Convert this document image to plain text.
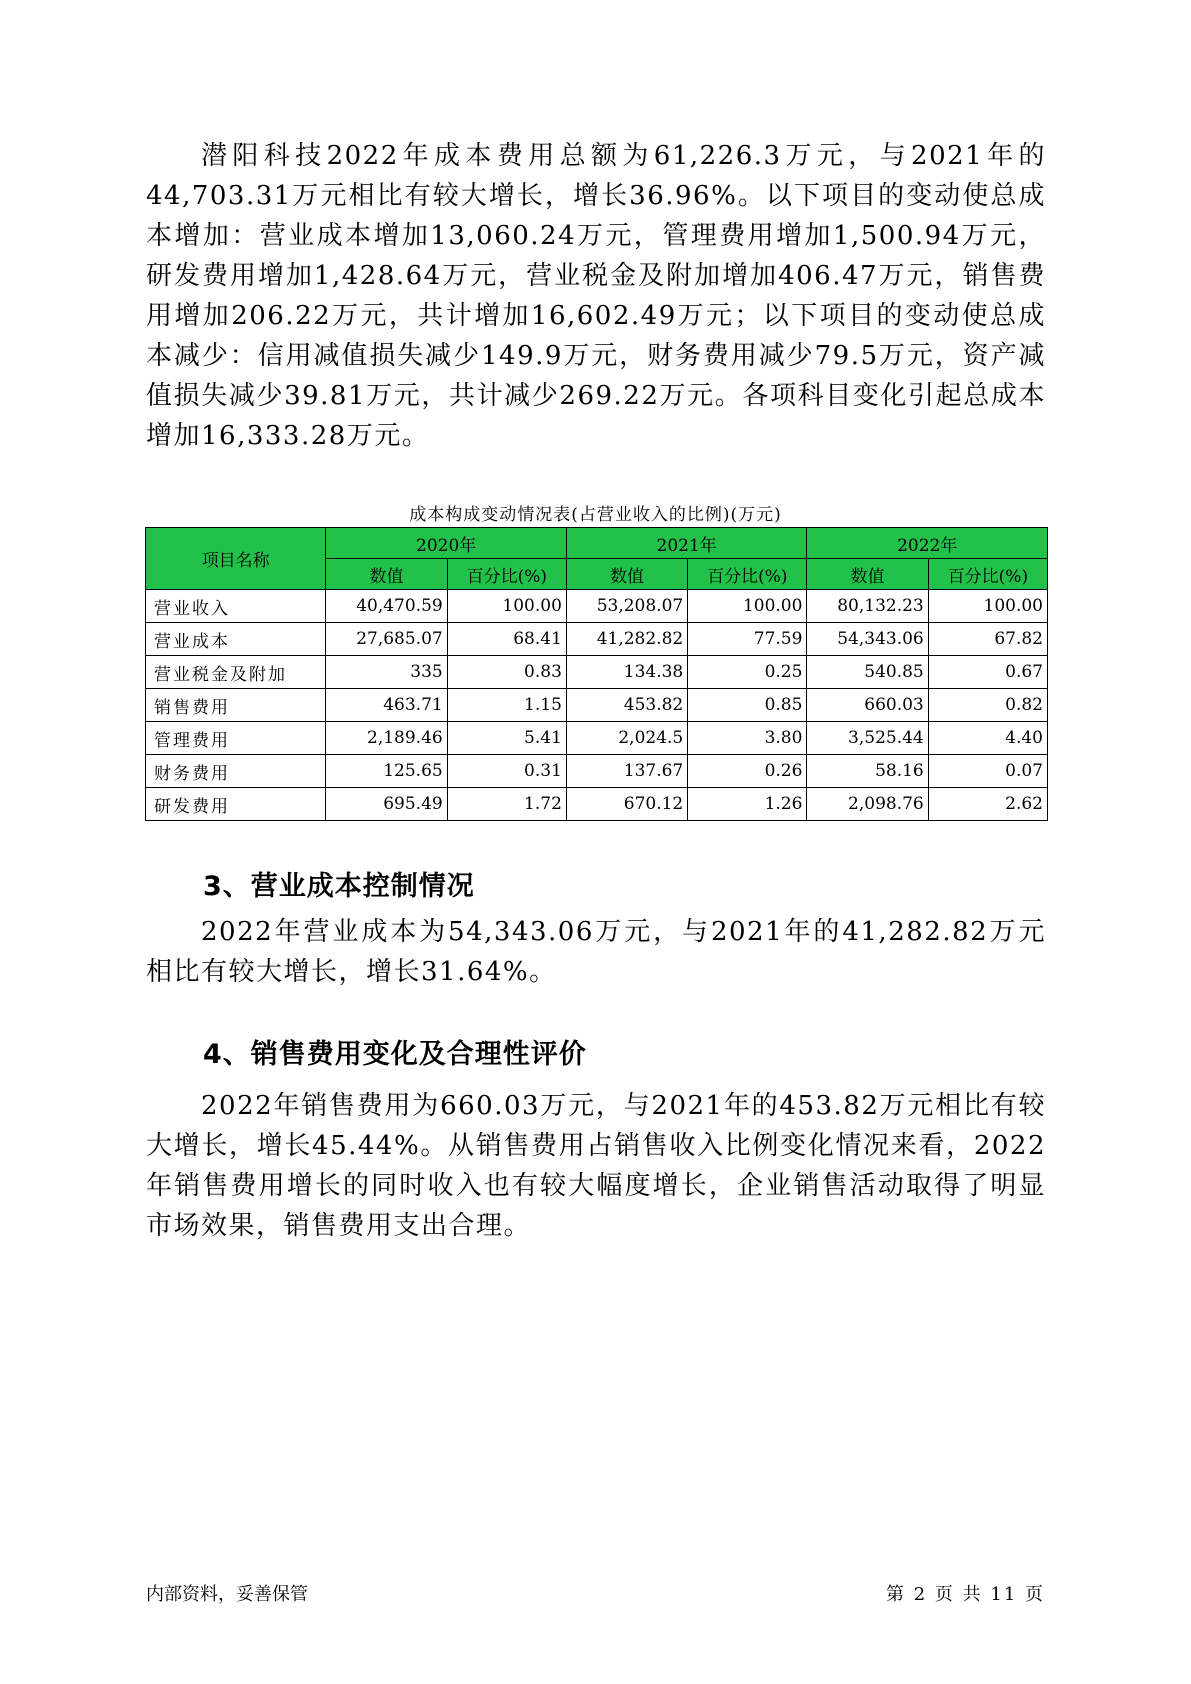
潜阳科技2022年成本费用总额为61,226.3万元，与2021年的44,703.31万元相比有较大增长，增长36.96%。以下项目的变动使总成本增加：营业成本增加13,060.24万元，管理费用增加1,500.94万元，研发费用增加1,428.64万元，营业税金及附加增加406.47万元，销售费用增加206.22万元，共计增加16,602.49万元；以下项目的变动使总成本减少：信用减值损失减少149.9万元，财务费用减少79.5万元，资产减值损失减少39.81万元，共计减少269.22万元。各项科目变化引起总成本增加16,333.28万元。

成本构成变动情况表(占营业收入的比例)(万元)
项目名称	2020年		2021年		2022年	
	数值	百分比(%)	数值	百分比(%)	数值	百分比(%)
营业收入	40,470.59	100.00	53,208.07	100.00	80,132.23	100.00
营业成本	27,685.07	68.41	41,282.82	77.59	54,343.06	67.82
营业税金及附加	335	0.83	134.38	0.25	540.85	0.67
销售费用	463.71	1.15	453.82	0.85	660.03	0.82
管理费用	2,189.46	5.41	2,024.5	3.80	3,525.44	4.40
财务费用	125.65	0.31	137.67	0.26	58.16	0.07
研发费用	695.49	1.72	670.12	1.26	2,098.76	2.62
3、营业成本控制情况

2022年营业成本为54,343.06万元，与2021年的41,282.82万元相比有较大增长，增长31.64%。

4、销售费用变化及合理性评价

2022年销售费用为660.03万元，与2021年的453.82万元相比有较大增长，增长45.44%。从销售费用占销售收入比例变化情况来看，2022年销售费用增长的同时收入也有较大幅度增长，企业销售活动取得了明显市场效果，销售费用支出合理。

内部资料，妥善保管	第 2 页 共 11 页
